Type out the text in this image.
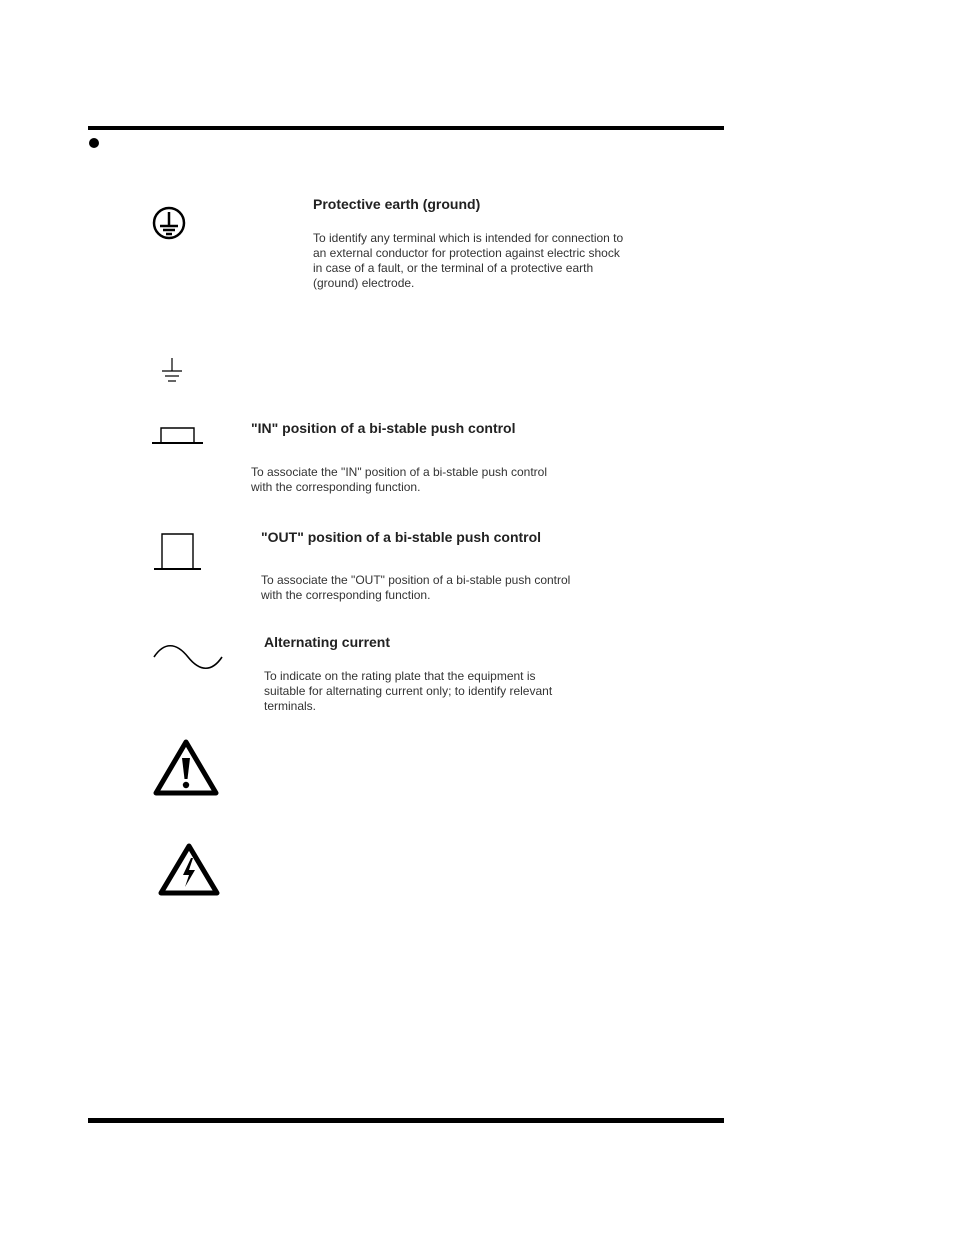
Protective earth (ground)
To identify any terminal which is intended for connection to
an external conductor for protection against electric shock
in case of a fault, or the terminal of a protective earth
(ground) electrode.
"IN" position of a bi-stable push control
To associate the "IN" position of a bi-stable push control
with the corresponding function.
"OUT" position of a bi-stable push control
To associate the "OUT" position of a bi-stable push control
with the corresponding function.
Alternating current
To indicate on the rating plate that the equipment is
suitable for alternating current only; to identify relevant
terminals.
